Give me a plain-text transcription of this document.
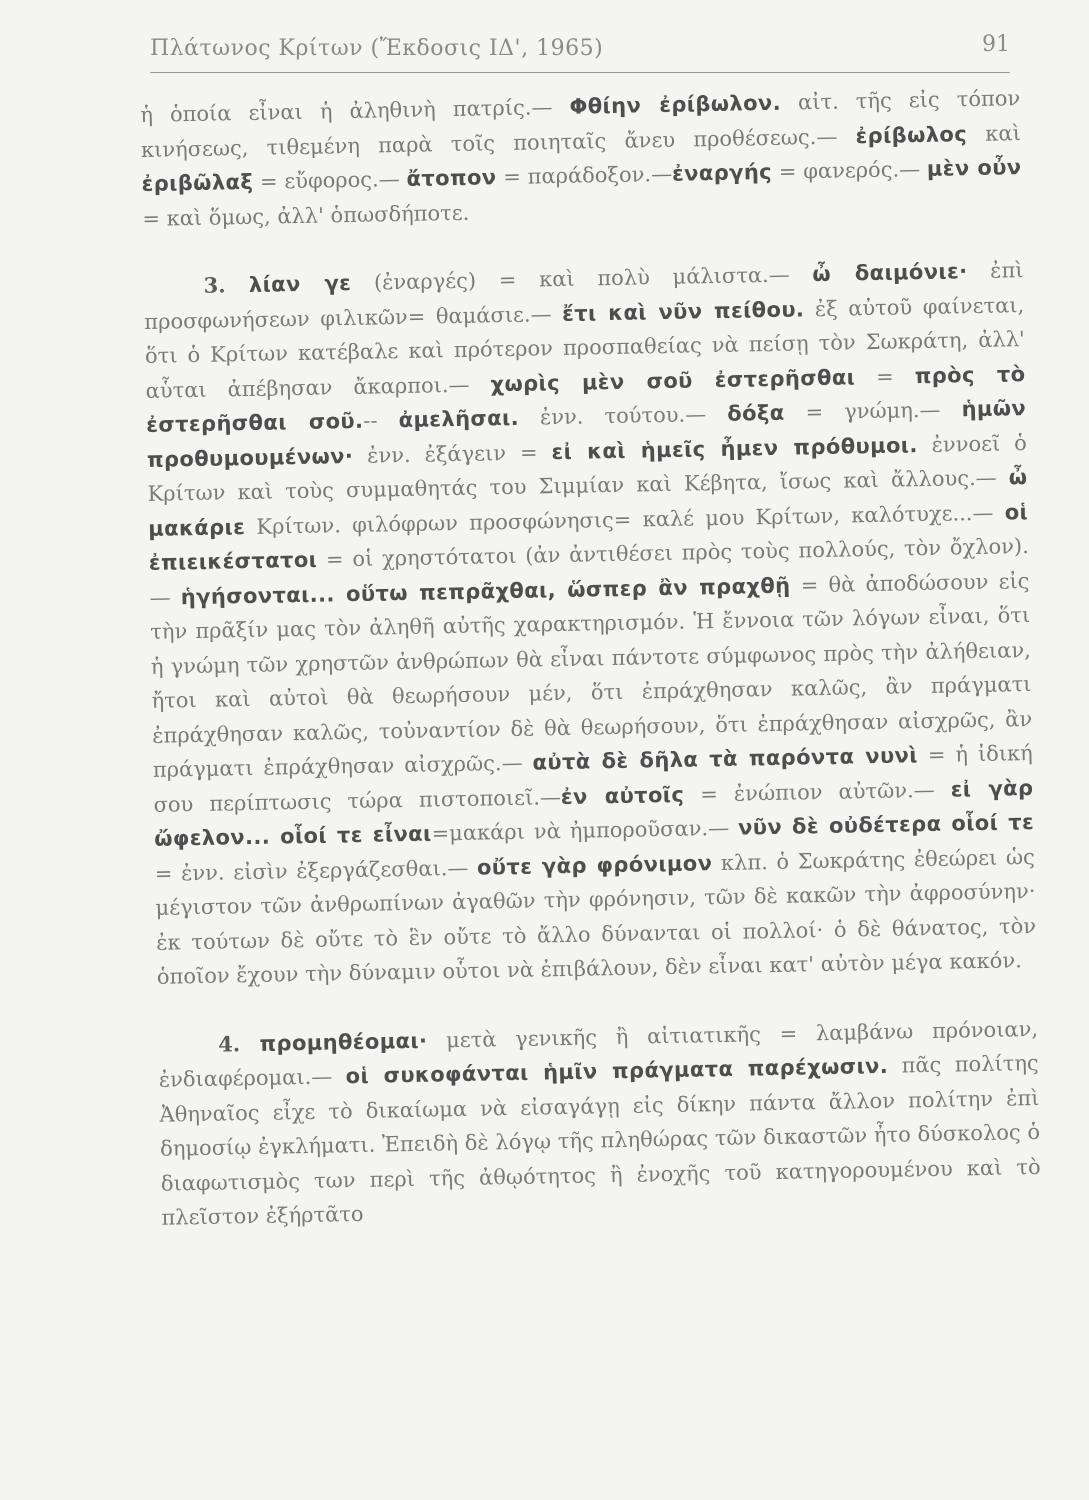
Πλάτωνος Κρίτων (Ἔκδοσις ΙΔ', 1965)	91

ἡ ὁποία εἶναι ἡ ἀληθινὴ πατρίς.— Φθίην ἐρίβωλον. αἰτ. τῆς εἰς τόπον κινήσεως, τιθεμένη παρὰ τοῖς ποιηταῖς ἄνευ προθέσεως.— ἐρίβωλος καὶ ἐριβῶλαξ = εὔφορος.— ἄτοπον = παράδοξον.—ἐναργής = φανερός.— μὲν οὖν = καὶ ὅμως, ἀλλ' ὁπωσδήποτε.

3. λίαν γε (ἐναργές) = καὶ πολὺ μάλιστα.— ὦ δαιμόνιε· ἐπὶ προσφωνήσεων φιλικῶν= θαμάσιε.— ἔτι καὶ νῦν πείθου. ἐξ αὐτοῦ φαίνεται, ὅτι ὁ Κρίτων κατέβαλε καὶ πρότερον προσπαθείας νὰ πείσῃ τὸν Σωκράτη, ἀλλ' αὗται ἀπέβησαν ἄκαρποι.— χωρὶς μὲν σοῦ ἐστερῆσθαι = πρὸς τὸ ἐστερῆσθαι σοῦ.-- ἀμελῆσαι. ἐνν. τούτου.— δόξα = γνώμη.— ἡμῶν προθυμουμένων· ἐνν. ἐξάγειν = εἰ καὶ ἡμεῖς ἦμεν πρόθυμοι. ἐννοεῖ ὁ Κρίτων καὶ τοὺς συμμαθητάς του Σιμμίαν καὶ Κέβητα, ἴσως καὶ ἄλλους.— ὦ μακάριε Κρίτων. φιλόφρων προσφώνησις= καλέ μου Κρίτων, καλότυχε...— οἱ ἐπιεικέστατοι = οἱ χρηστότατοι (ἀν ἀντιθέσει πρὸς τοὺς πολλούς, τὸν ὄχλον).— ἡγήσονται... οὕτω πεπρᾶχθαι, ὥσπερ ἂν πραχθῇ = θὰ ἀποδώσουν εἰς τὴν πρᾶξίν μας τὸν ἀληθῆ αὐτῆς χαρακτηρισμόν. Ἡ ἔννοια τῶν λόγων εἶναι, ὅτι ἡ γνώμη τῶν χρηστῶν ἀνθρώπων θὰ εἶναι πάντοτε σύμφωνος πρὸς τὴν ἀλήθειαν, ἤτοι καὶ αὐτοὶ θὰ θεωρήσουν μέν, ὅτι ἐπράχθησαν καλῶς, ἂν πράγματι ἐπράχθησαν καλῶς, τοὐναντίον δὲ θὰ θεωρήσουν, ὅτι ἐπράχθησαν αἰσχρῶς, ἂν πράγματι ἐπράχθησαν αἰσχρῶς.— αὐτὰ δὲ δῆλα τὰ παρόντα νυνὶ = ἡ ἰδική σου περίπτωσις τώρα πιστοποιεῖ.—ἐν αὐτοῖς = ἐνώπιον αὐτῶν.— εἰ γὰρ ὤφελον... οἷοί τε εἶναι=μακάρι νὰ ἠμποροῦσαν.— νῦν δὲ οὐδέτερα οἷοί τε = ἐνν. εἰσὶν ἐξεργάζεσθαι.— οὔτε γὰρ φρόνιμον κλπ. ὁ Σωκράτης ἐθεώρει ὡς μέγιστον τῶν ἀνθρωπίνων ἀγαθῶν τὴν φρόνησιν, τῶν δὲ κακῶν τὴν ἀφροσύνην· ἐκ τούτων δὲ οὔτε τὸ ἓν οὔτε τὸ ἄλλο δύνανται οἱ πολλοί· ὁ δὲ θάνατος, τὸν ὁποῖον ἔχουν τὴν δύναμιν οὗτοι νὰ ἐπιβάλουν, δὲν εἶναι κατ' αὐτὸν μέγα κακόν.

4. προμηθέομαι· μετὰ γενικῆς ἢ αἰτιατικῆς = λαμβάνω πρόνοιαν, ἐνδιαφέρομαι.— οἱ συκοφάνται ἡμῖν πράγματα παρέχωσιν. πᾶς πολίτης Ἀθηναῖος εἶχε τὸ δικαίωμα νὰ εἰσαγάγῃ εἰς δίκην πάντα ἄλλον πολίτην ἐπὶ δημοσίῳ ἐγκλήματι. Ἐπειδὴ δὲ λόγῳ τῆς πληθώρας τῶν δικαστῶν ἦτο δύσκολος ὁ διαφωτισμὸς των περὶ τῆς ἀθῳότητος ἢ ἐνοχῆς τοῦ κατηγορουμένου καὶ τὸ πλεῖστον ἐξήρτᾶτο
